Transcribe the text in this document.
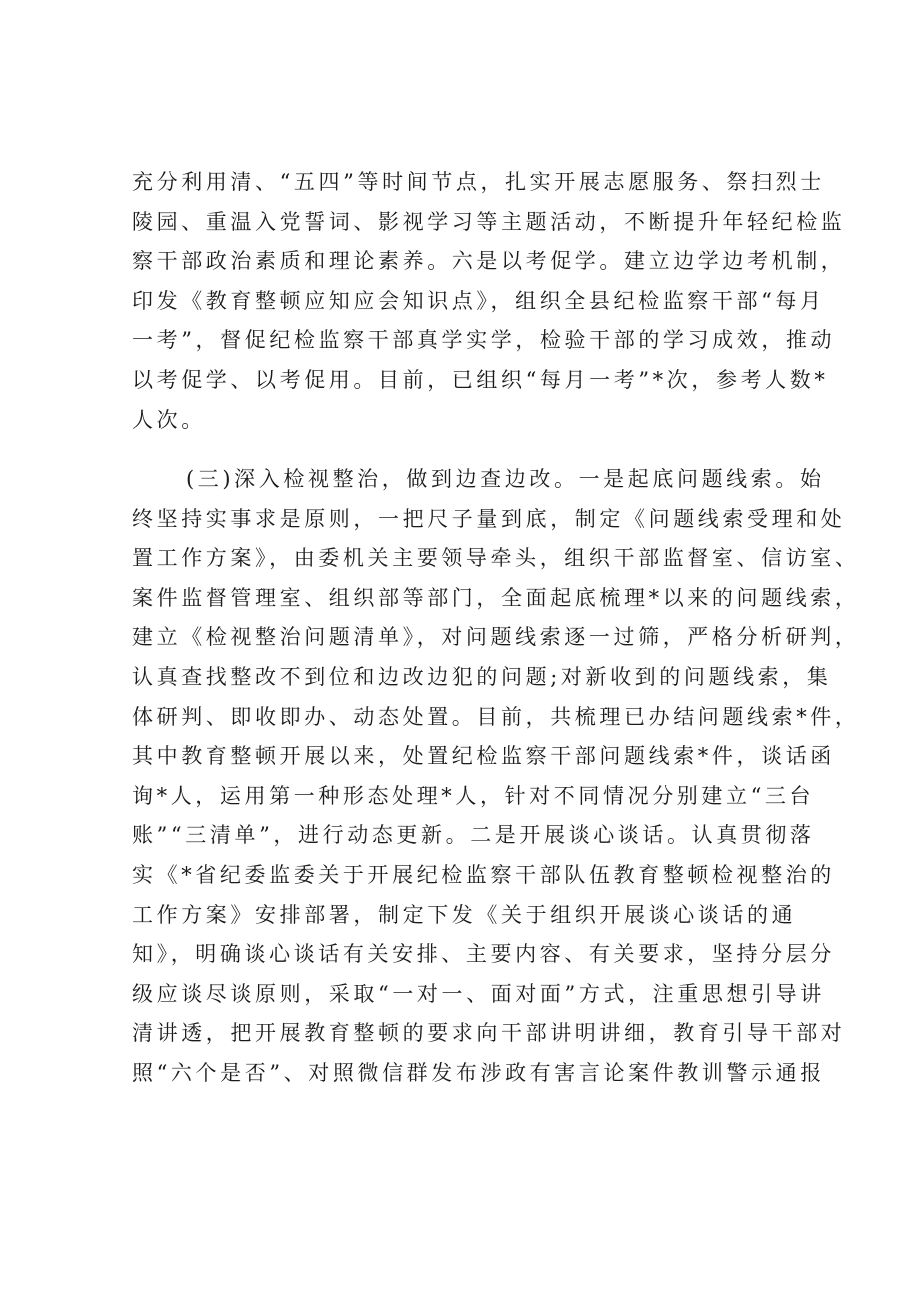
充分利用清、“五四”等时间节点，扎实开展志愿服务、祭扫烈士
陵园、重温入党誓词、影视学习等主题活动，不断提升年轻纪检监
察干部政治素质和理论素养。六是以考促学。建立边学边考机制，
印发《教育整顿应知应会知识点》，组织全县纪检监察干部“每月
一考”，督促纪检监察干部真学实学，检验干部的学习成效，推动
以考促学、以考促用。目前，已组织“每月一考”*次，参考人数*
人次。
(三)深入检视整治，做到边查边改。一是起底问题线索。始
终坚持实事求是原则，一把尺子量到底，制定《问题线索受理和处
置工作方案》，由委机关主要领导牵头，组织干部监督室、信访室、
案件监督管理室、组织部等部门，全面起底梳理*以来的问题线索，
建立《检视整治问题清单》，对问题线索逐一过筛，严格分析研判，
认真查找整改不到位和边改边犯的问题;对新收到的问题线索，集
体研判、即收即办、动态处置。目前，共梳理已办结问题线索*件，
其中教育整顿开展以来，处置纪检监察干部问题线索*件，谈话函
询*人，运用第一种形态处理*人，针对不同情况分别建立“三台
账”“三清单”，进行动态更新。二是开展谈心谈话。认真贯彻落
实《*省纪委监委关于开展纪检监察干部队伍教育整顿检视整治的
工作方案》安排部署，制定下发《关于组织开展谈心谈话的通
知》，明确谈心谈话有关安排、主要内容、有关要求，坚持分层分
级应谈尽谈原则，采取“一对一、面对面”方式，注重思想引导讲
清讲透，把开展教育整顿的要求向干部讲明讲细，教育引导干部对
照“六个是否”、对照微信群发布涉政有害言论案件教训警示通报
